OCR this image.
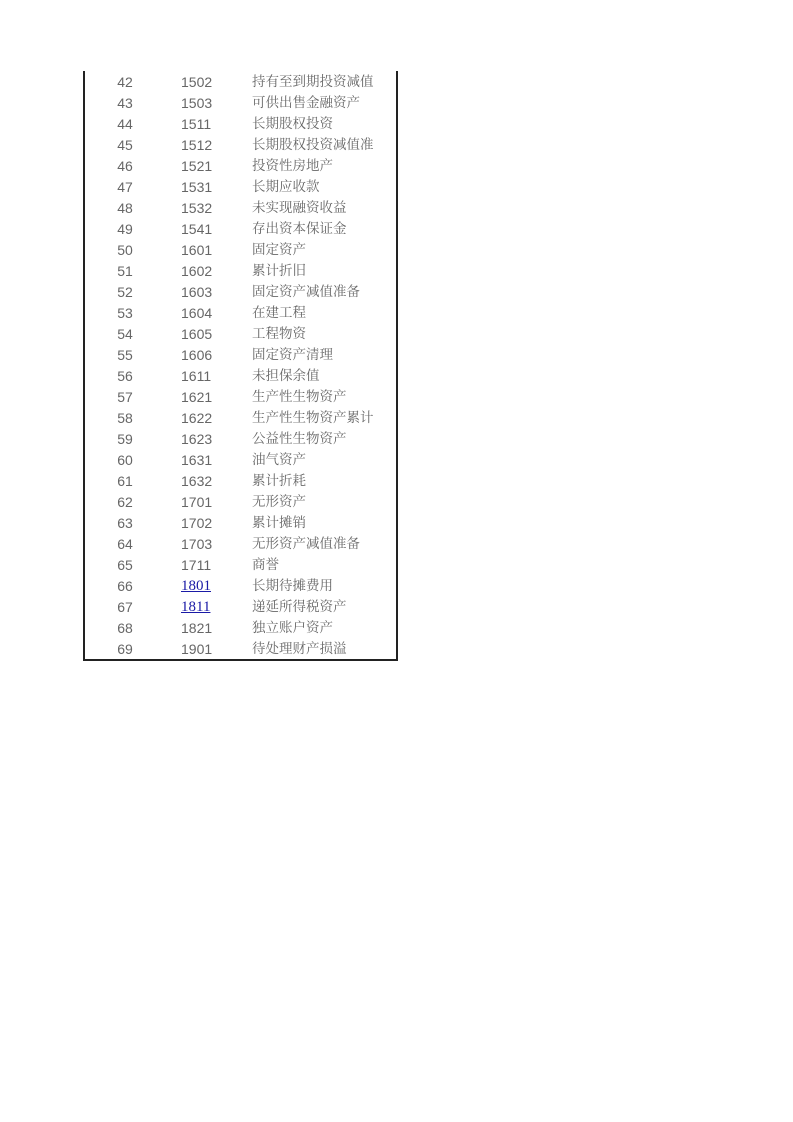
42	1502	持有至到期投资减值
43	1503	可供出售金融资产
44	1511	长期股权投资
45	1512	长期股权投资减值准
46	1521	投资性房地产
47	1531	长期应收款
48	1532	未实现融资收益
49	1541	存出资本保证金
50	1601	固定资产
51	1602	累计折旧
52	1603	固定资产减值准备
53	1604	在建工程
54	1605	工程物资
55	1606	固定资产清理
56	1611	未担保余值
57	1621	生产性生物资产
58	1622	生产性生物资产累计
59	1623	公益性生物资产
60	1631	油气资产
61	1632	累计折耗
62	1701	无形资产
63	1702	累计摊销
64	1703	无形资产减值准备
65	1711	商誉
66	1801	长期待摊费用
67	1811	递延所得税资产
68	1821	独立账户资产
69	1901	待处理财产损溢
